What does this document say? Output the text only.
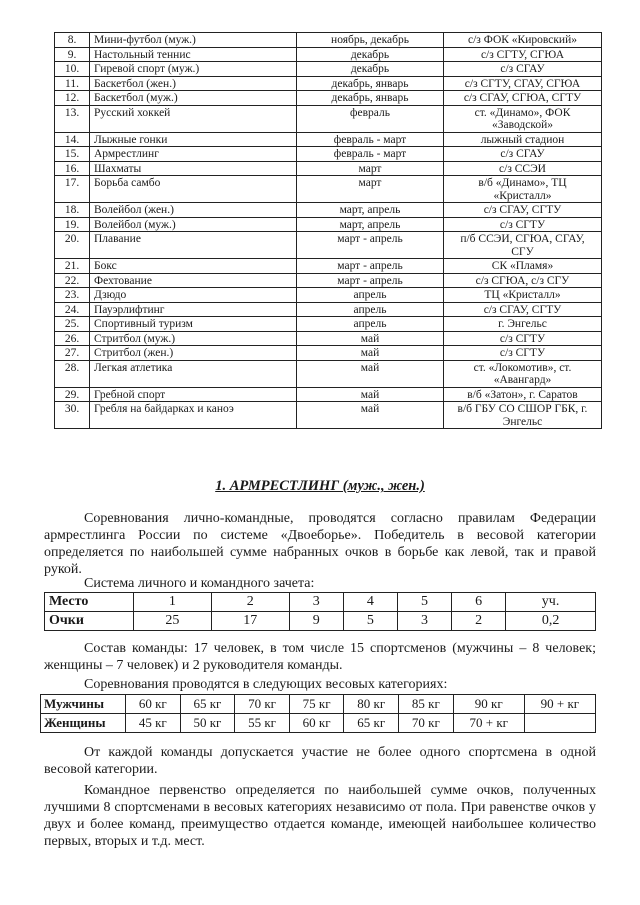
8.	Мини-футбол (муж.)	ноябрь, декабрь	с/з ФОК «Кировский»
9.	Настольный теннис	декабрь	с/з СГТУ, СГЮА
10.	Гиревой спорт (муж.)	декабрь	с/з СГАУ
11.	Баскетбол (жен.)	декабрь, январь	с/з СГТУ, СГАУ, СГЮА
12.	Баскетбол (муж.)	декабрь, январь	с/з СГАУ, СГЮА, СГТУ
13.	Русский хоккей	февраль	ст. «Динамо», ФОК «Заводской»
14.	Лыжные гонки	февраль - март	лыжный стадион
15.	Армрестлинг	февраль - март	с/з СГАУ
16.	Шахматы	март	с/з ССЭИ
17.	Борьба самбо	март	в/б «Динамо», ТЦ «Кристалл»
18.	Волейбол (жен.)	март, апрель	с/з СГАУ, СГТУ
19.	Волейбол (муж.)	март, апрель	с/з СГТУ
20.	Плавание	март - апрель	п/б ССЭИ, СГЮА, СГАУ, СГУ
21.	Бокс	март - апрель	СК «Пламя»
22.	Фехтование	март - апрель	с/з СГЮА, с/з СГУ
23.	Дзюдо	апрель	ТЦ «Кристалл»
24.	Пауэрлифтинг	апрель	с/з СГАУ, СГТУ
25.	Спортивный туризм	апрель	г. Энгельс
26.	Стритбол (муж.)	май	с/з СГТУ
27.	Стритбол (жен.)	май	с/з СГТУ
28.	Легкая атлетика	май	ст. «Локомотив», ст. «Авангард»
29.	Гребной спорт	май	в/б «Затон», г. Саратов
30.	Гребля на байдарках и каноэ	май	в/б ГБУ СО СШОР ГБК, г. Энгельс
1. АРМРЕСТЛИНГ (муж., жен.)

Соревнования лично-командные, проводятся согласно правилам Федерации армрестлинга России по системе «Двоеборье». Победитель в весовой категории определяется по наибольшей сумме набранных очков в борьбе как левой, так и правой рукой.

Система личного и командного зачета:

Место	1	2	3	4	5	6	уч.
Очки	25	17	9	5	3	2	0,2

Состав команды: 17 человек, в том числе 15 спортсменов (мужчины – 8 человек; женщины – 7 человек) и 2 руководителя команды.

Соревнования проводятся в следующих весовых категориях:

Мужчины	60 кг	65 кг	70 кг	75 кг	80 кг	85 кг	90 кг	90 + кг
Женщины	45 кг	50 кг	55 кг	60 кг	65 кг	70 кг	70 + кг	

От каждой команды допускается участие не более одного спортсмена в одной весовой категории.

Командное первенство определяется по наибольшей сумме очков, полученных лучшими 8 спортсменами в весовых категориях независимо от пола. При равенстве очков у двух и более команд, преимущество отдается команде, имеющей наибольшее количество первых, вторых и т.д. мест.
